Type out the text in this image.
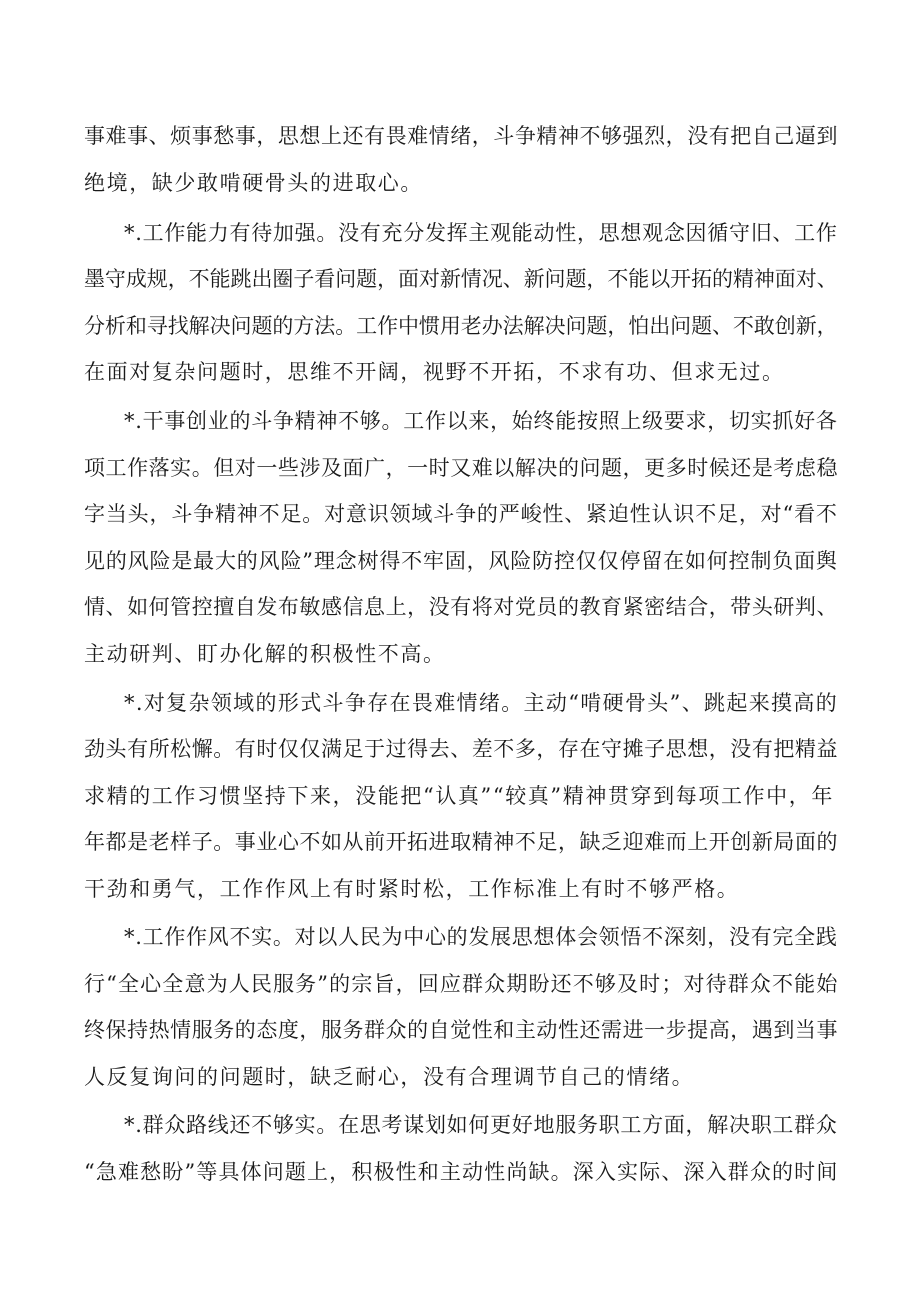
事难事、烦事愁事，思想上还有畏难情绪，斗争精神不够强烈，没有把自己逼到
绝境，缺少敢啃硬骨头的进取心。
*.工作能力有待加强。没有充分发挥主观能动性，思想观念因循守旧、工作
墨守成规，不能跳出圈子看问题，面对新情况、新问题，不能以开拓的精神面对、
分析和寻找解决问题的方法。工作中惯用老办法解决问题，怕出问题、不敢创新，
在面对复杂问题时，思维不开阔，视野不开拓，不求有功、但求无过。
*.干事创业的斗争精神不够。工作以来，始终能按照上级要求，切实抓好各
项工作落实。但对一些涉及面广，一时又难以解决的问题，更多时候还是考虑稳
字当头，斗争精神不足。对意识领域斗争的严峻性、紧迫性认识不足，对“看不
见的风险是最大的风险”理念树得不牢固，风险防控仅仅停留在如何控制负面舆
情、如何管控擅自发布敏感信息上，没有将对党员的教育紧密结合，带头研判、
主动研判、盯办化解的积极性不高。
*.对复杂领域的形式斗争存在畏难情绪。主动“啃硬骨头”、跳起来摸高的
劲头有所松懈。有时仅仅满足于过得去、差不多，存在守摊子思想，没有把精益
求精的工作习惯坚持下来，没能把“认真”“较真”精神贯穿到每项工作中，年
年都是老样子。事业心不如从前开拓进取精神不足，缺乏迎难而上开创新局面的
干劲和勇气，工作作风上有时紧时松，工作标准上有时不够严格。
*.工作作风不实。对以人民为中心的发展思想体会领悟不深刻，没有完全践
行“全心全意为人民服务”的宗旨，回应群众期盼还不够及时；对待群众不能始
终保持热情服务的态度，服务群众的自觉性和主动性还需进一步提高，遇到当事
人反复询问的问题时，缺乏耐心，没有合理调节自己的情绪。
*.群众路线还不够实。在思考谋划如何更好地服务职工方面，解决职工群众
“急难愁盼”等具体问题上，积极性和主动性尚缺。深入实际、深入群众的时间
